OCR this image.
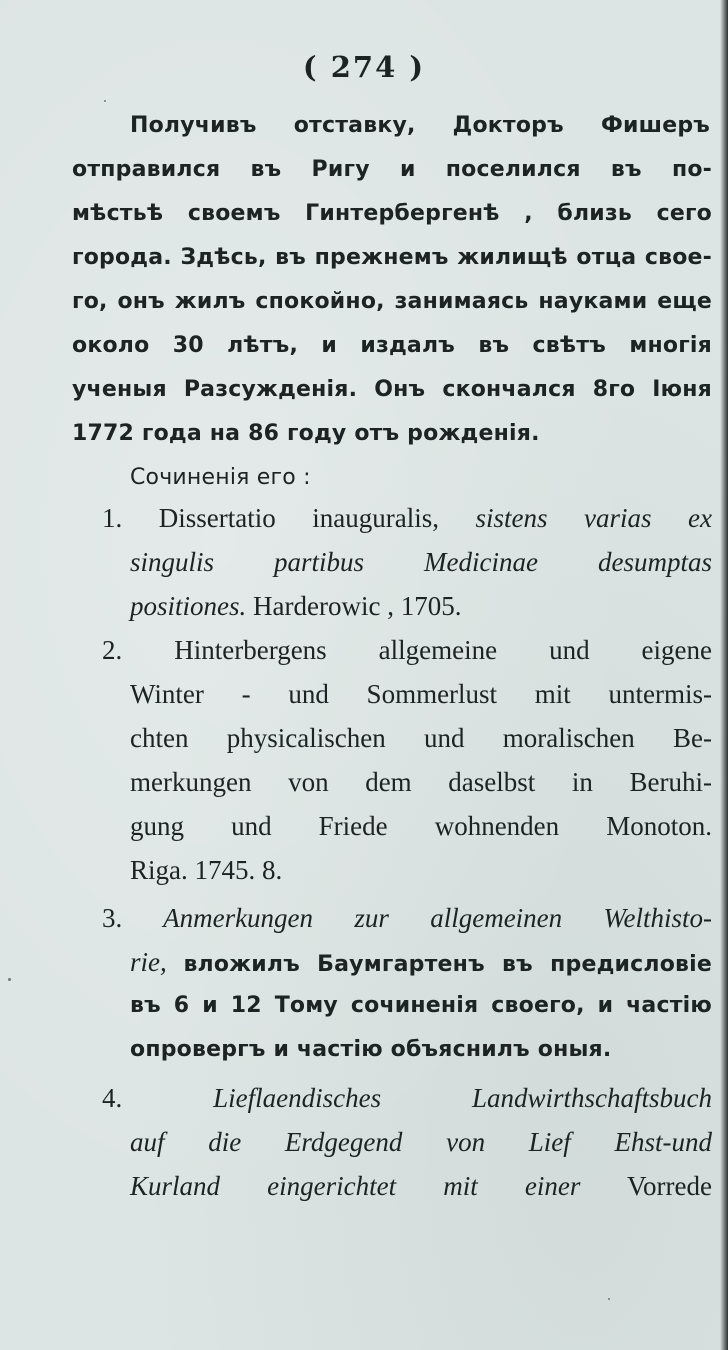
( 274 )
Получивъ отставку, Докторъ Фишеръ
отправился въ Ригу и поселился въ по-
мѣстьѣ своемъ Гинтербергенѣ , близь сего
города. Здѣсь, въ прежнемъ жилищѣ отца свое-
го, онъ жилъ спокойно, занимаясь науками еще
около 30 лѣтъ, и издалъ въ свѣтъ многія
ученыя Разсужденія. Онъ скончался 8го Іюня
1772 года на 86 году отъ рожденія.
Сочиненія его :
1. Dissertatio inauguralis, sistens varias ex
singulis partibus Medicinae desumptas
positiones. Harderowic , 1705.
2. Hinterbergens allgemeine und eigene
Winter - und Sommerlust mit untermis-
chten physicalischen und moralischen Be-
merkungen von dem daselbst in Beruhi-
gung und Friede wohnenden Monoton.
Riga. 1745. 8.
3. Anmerkungen zur allgemeinen Welthisto-
rie, вложилъ Баумгартенъ въ предисловіе
въ 6 и 12 Тому сочиненія своего, и частію
опровергъ и частію объяснилъ оныя.
4.	Lieflaendisches Landwirthschaftsbuch
auf die Erdgegend von Lief Ehst-und
Kurland eingerichtet mit einer Vorrede
